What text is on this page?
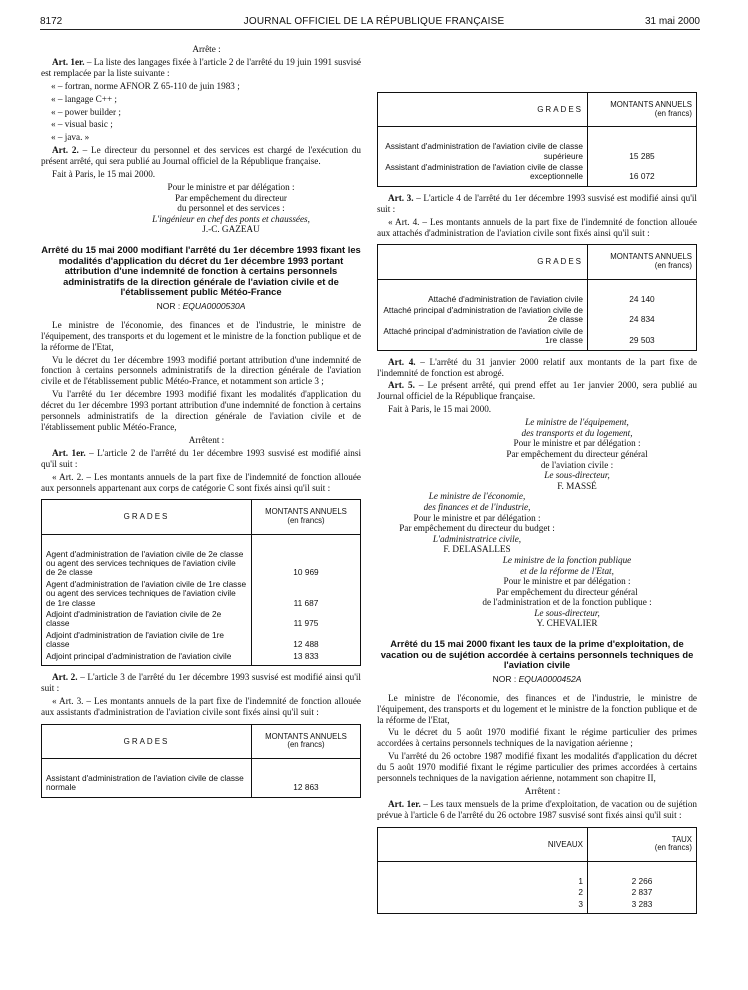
8172	JOURNAL OFFICIEL DE LA RÉPUBLIQUE FRANÇAISE	31 mai 2000

Arrête :

Art. 1er. – La liste des langages fixée à l'article 2 de l'arrêté du 19 juin 1991 susvisé est remplacée par la liste suivante :

« – fortran, norme AFNOR Z 65-110 de juin 1983 ;

« – langage C++ ;

« – power builder ;

« – visual basic ;

« – java. »

Art. 2. – Le directeur du personnel et des services est chargé de l'exécution du présent arrêté, qui sera publié au Journal officiel de la République française.

Fait à Paris, le 15 mai 2000.

Pour le ministre et par délégation :
Par empêchement du directeur
du personnel et des services :
L'ingénieur en chef des ponts et chaussées,
J.-C. GAZEAU
Arrêté du 15 mai 2000 modifiant l'arrêté du 1er décembre 1993 fixant les modalités d'application du décret du 1er décembre 1993 portant attribution d'une indemnité de fonction à certains personnels administratifs de la direction générale de l'aviation civile et de l'établissement public Météo-France
NOR : EQUA0000530A

Le ministre de l'économie, des finances et de l'industrie, le ministre de l'équipement, des transports et du logement et le ministre de la fonction publique et de la réforme de l'Etat,

Vu le décret du 1er décembre 1993 modifié portant attribution d'une indemnité de fonction à certains personnels administratifs de la direction générale de l'aviation civile et de l'établissement public Météo-France, et notamment son article 3 ;

Vu l'arrêté du 1er décembre 1993 modifié fixant les modalités d'application du décret du 1er décembre 1993 portant attribution d'une indemnité de fonction à certains personnels administratifs de la direction générale de l'aviation civile et de l'établissement public Météo-France,

Arrêtent :

Art. 1er. – L'article 2 de l'arrêté du 1er décembre 1993 susvisé est modifié ainsi qu'il suit :

« Art. 2. – Les montants annuels de la part fixe de l'indemnité de fonction allouée aux personnels appartenant aux corps de catégorie C sont fixés ainsi qu'il suit :

GRADES	MONTANTS ANNUELS
(en francs)

Agent d'administration de l'aviation civile de 2e classe ou agent des services techniques de l'aviation civile de 2e classe	10 969
Agent d'administration de l'aviation civile de 1re classe ou agent des services techniques de l'aviation civile de 1re classe	11 687
Adjoint d'administration de l'aviation civile de 2e classe	11 975
Adjoint d'administration de l'aviation civile de 1re classe	12 488
Adjoint principal d'administration de l'aviation civile	13 833

Art. 2. – L'article 3 de l'arrêté du 1er décembre 1993 susvisé est modifié ainsi qu'il suit :

« Art. 3. – Les montants annuels de la part fixe de l'indemnité de fonction allouée aux assistants d'administration de l'aviation civile sont fixés ainsi qu'il suit :

GRADES	MONTANTS ANNUELS
(en francs)

Assistant d'administration de l'aviation civile de classe normale	12 863
GRADES	MONTANTS ANNUELS
(en francs)

Assistant d'administration de l'aviation civile de classe supérieure	15 285
Assistant d'administration de l'aviation civile de classe exceptionnelle	16 072

Art. 3. – L'article 4 de l'arrêté du 1er décembre 1993 susvisé est modifié ainsi qu'il suit :

« Art. 4. – Les montants annuels de la part fixe de l'indemnité de fonction allouée aux attachés d'administration de l'aviation civile sont fixés ainsi qu'il suit :

GRADES	MONTANTS ANNUELS
(en francs)

Attaché d'administration de l'aviation civile	24 140
Attaché principal d'administration de l'aviation civile de 2e classe	24 834
Attaché principal d'administration de l'aviation civile de 1re classe	29 503

Art. 4. – L'arrêté du 31 janvier 2000 relatif aux montants de la part fixe de l'indemnité de fonction est abrogé.

Art. 5. – Le présent arrêté, qui prend effet au 1er janvier 2000, sera publié au Journal officiel de la République française.

Fait à Paris, le 15 mai 2000.

Le ministre de l'équipement,
des transports et du logement,
Pour le ministre et par délégation :
Par empêchement du directeur général
de l'aviation civile :
Le sous-directeur,
F. MASSÉ
Le ministre de l'économie,
des finances et de l'industrie,
Pour le ministre et par délégation :
Par empêchement du directeur du budget :
L'administratrice civile,
F. DELASALLES
Le ministre de la fonction publique
et de la réforme de l'Etat,
Pour le ministre et par délégation :
Par empêchement du directeur général
de l'administration et de la fonction publique :
Le sous-directeur,
Y. CHEVALIER
Arrêté du 15 mai 2000 fixant les taux de la prime d'exploitation, de vacation ou de sujétion accordée à certains personnels techniques de l'aviation civile
NOR : EQUA0000452A

Le ministre de l'économie, des finances et de l'industrie, le ministre de l'équipement, des transports et du logement et le ministre de la fonction publique et de la réforme de l'Etat,

Vu le décret du 5 août 1970 modifié fixant le régime particulier des primes accordées à certains personnels techniques de la navigation aérienne ;

Vu l'arrêté du 26 octobre 1987 modifié fixant les modalités d'application du décret du 5 août 1970 modifié fixant le régime particulier des primes accordées à certains personnels techniques de la navigation aérienne, notamment son chapitre II,

Arrêtent :

Art. 1er. – Les taux mensuels de la prime d'exploitation, de vacation ou de sujétion prévue à l'article 6 de l'arrêté du 26 octobre 1987 susvisé sont fixés ainsi qu'il suit :

NIVEAUX	TAUX
(en francs)

1	2 266
2	2 837
3	3 283
